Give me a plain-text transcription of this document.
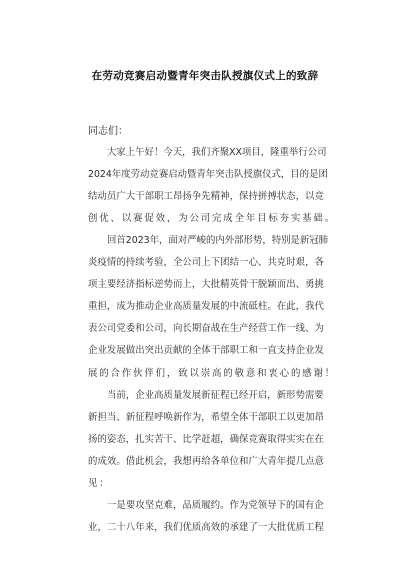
在劳动竞赛启动暨青年突击队授旗仪式上的致辞
同志们：
大 家 上 午 好 ！ 今 天 ， 我 们 齐 聚 XX 项 目 ， 隆 重 举 行 公 司
2024 年 度 劳 动 竞 赛 启 动 暨 青 年 突 击 队 授 旗 仪 式 ， 目 的 是 团
结 动 员 广 大 干 部 职 工 昂 扬 争 先 精 神 ， 保 持 拼 搏 状 态 ， 以 竞
创优、以赛促效，为公司完成全年目标夯实基础。
回 首 2023 年 ， 面 对 严 峻 的 内 外 部 形 势 ， 特 别 是 新 冠 肺
炎 疫 情 的 持 续 考 验 ， 全 公 司 上 下 团 结 一 心 、 共 克 时 艰 ， 各
项 主 要 经 济 指 标 逆 势 而 上 ， 大 批 精 英 骨 干 脱 颖 而 出 、 勇 挑
重 担 ， 成 为 推 动 企 业 高 质 量 发 展 的 中 流 砥 柱 。 在 此 ， 我 代
表 公 司 党 委 和 公 司 ， 向 长 期 奋 战 在 生 产 经 营 工 作 一 线 、 为
企 业 发 展 做 出 突 出 贡 献 的 全 体 干 部 职 工 和 一 直 支 持 企 业 发
展的合作伙伴们，致以崇高的敬意和衷心的感谢！
当 前 ， 企 业 高 质 量 发 展 新 征 程 已 经 开 启 ， 新 形 势 需 要
新 担 当 、 新 征 程 呼 唤 新 作 为 ， 希 望 全 体 干 部 职 工 以 更 加 昂
扬 的 姿 态 ， 扎 实 苦 干 、 比 学 赶 超 ， 确 保 竞 赛 取 得 实 实 在 在
的 成 效 。 借 此 机 会 ， 我 想 再 给 各 单 位 和 广 大 青 年 提 几 点 意
见：
一 是 要 攻 坚 克 难 ， 品 质 履 约 。 作 为 党 领 导 下 的 国 有 企
业 ， 二 十 八 年 来 ， 我 们 优 质 高 效 的 承 建 了 一 大 批 优 质 工 程
